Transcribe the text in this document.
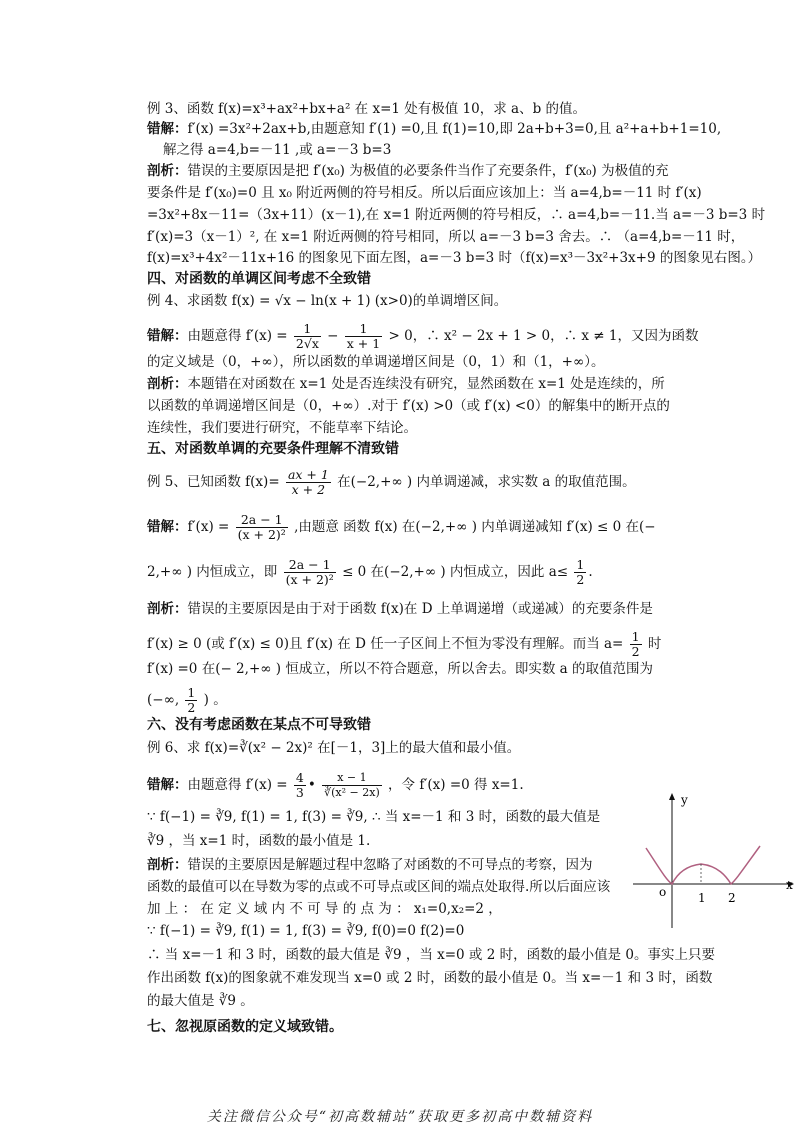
例 3、函数 f(x)=x³+ax²+bx+a² 在 x=1 处有极值 10，求 a、b 的值。
错解：f′(x) =3x²+2ax+b,由题意知 f′(1) =0,且 f(1)=10,即 2a+b+3=0,且 a²+a+b+1=10,
解之得 a=4,b=－11 ,或 a=－3 b=3
剖析：错误的主要原因是把 f′(x₀) 为极值的必要条件当作了充要条件，f′(x₀) 为极值的充
要条件是 f′(x₀)=0 且 x₀ 附近两侧的符号相反。所以后面应该加上：当 a=4,b=－11 时 f′(x)
=3x²+8x－11=（3x+11）(x－1),在 x=1 附近两侧的符号相反，∴ a=4,b=－11.当 a=－3 b=3 时
f′(x)=3（x－1）², 在 x=1 附近两侧的符号相同，所以 a=－3 b=3 舍去。∴ （a=4,b=－11 时，
f(x)=x³+4x²－11x+16 的图象见下面左图，a=－3 b=3 时（f(x)=x³－3x²+3x+9 的图象见右图。）
四、对函数的单调区间考虑不全致错
例 4、求函数 f(x) = √x − ln(x + 1) (x>0)的单调增区间。
错解：由题意得 $f'(x) = \frac{1}{2√x} - \frac{1}{x + 1} > 0$，∴ x² − 2x + 1 > 0，∴ x ≠ 1，又因为函数
的定义域是（0，+∞），所以函数的单调递增区间是（0，1）和（1，+∞）。
剖析：本题错在对函数在 x=1 处是否连续没有研究，显然函数在 x=1 处是连续的，所
以函数的单调递增区间是（0，+∞）.对于 f′(x) >0（或 f′(x) <0）的解集中的断开点的
连续性，我们要进行研究，不能草率下结论。
五、对函数单调的充要条件理解不清致错
例 5、已知函数 $f(x)= \frac{ax + 1}{x + 2}$ 在(−2,+∞ ) 内单调递减，求实数 a 的取值范围。
错解：$f'(x) = \frac{2a - 1}{\text{(x + 2)²}}$ ,由题意 函数 f(x) 在(−2,+∞ ) 内单调递减知 f′(x) ≤ 0 在(−
2,+∞ ) 内恒成立，即 $\frac{2a - 1}{\text{(x + 2)²}} \le 0$ 在(−2,+∞ ) 内恒成立，因此 $a\le \frac{1}{2}$ .
剖析：错误的主要原因是由于对于函数 f(x)在 D 上单调递增（或递减）的充要条件是
f′(x) ≥ 0 (或 f′(x) ≤ 0)且 f′(x) 在 D 任一子区间上不恒为零没有理解。而当 $a= \frac{1}{2}$ 时
f′(x) =0 在(− 2,+∞ ) 恒成立，所以不符合题意，所以舍去。即实数 a 的取值范围为
(−∞, $\frac{1}{2}$ ) 。
六、没有考虑函数在某点不可导致错
例 6、求 f(x)=∛(x² − 2x)² 在[－1，3]上的最大值和最小值。
错解：由题意得 $f'(x) = \frac{4}{3}$ • $\frac{x - 1}{\text{∛(x² − 2x)}}$ ，令 f′(x) =0 得 x=1.
∵ f(−1) = ∛9, f(1) = 1, f(3) = ∛9, ∴ 当 x=－1 和 3 时，函数的最大值是
∛9 ，当 x=1 时，函数的最小值是 1.
剖析：错误的主要原因是解题过程中忽略了对函数的不可导点的考察，因为
函数的最值可以在导数为零的点或不可导点或区间的端点处取得.所以后面应该
加 上 ： 在 定 义 域 内 不 可 导 的 点 为 ： x₁=0,x₂=2 ，
∵ f(−1) = ∛9, f(1) = 1, f(3) = ∛9, f(0)=0 f(2)=0
∴ 当 x=－1 和 3 时，函数的最大值是 ∛9 ，当 x=0 或 2 时，函数的最小值是 0。事实上只要
作出函数 f(x)的图象就不难发现当 x=0 或 2 时，函数的最小值是 0。当 x=－1 和 3 时，函数
的最大值是 ∛9 。
七、忽视原函数的定义域致错。
y
x
o	1 2
关注微信公众号“初高数辅站”获取更多初高中数辅资料
